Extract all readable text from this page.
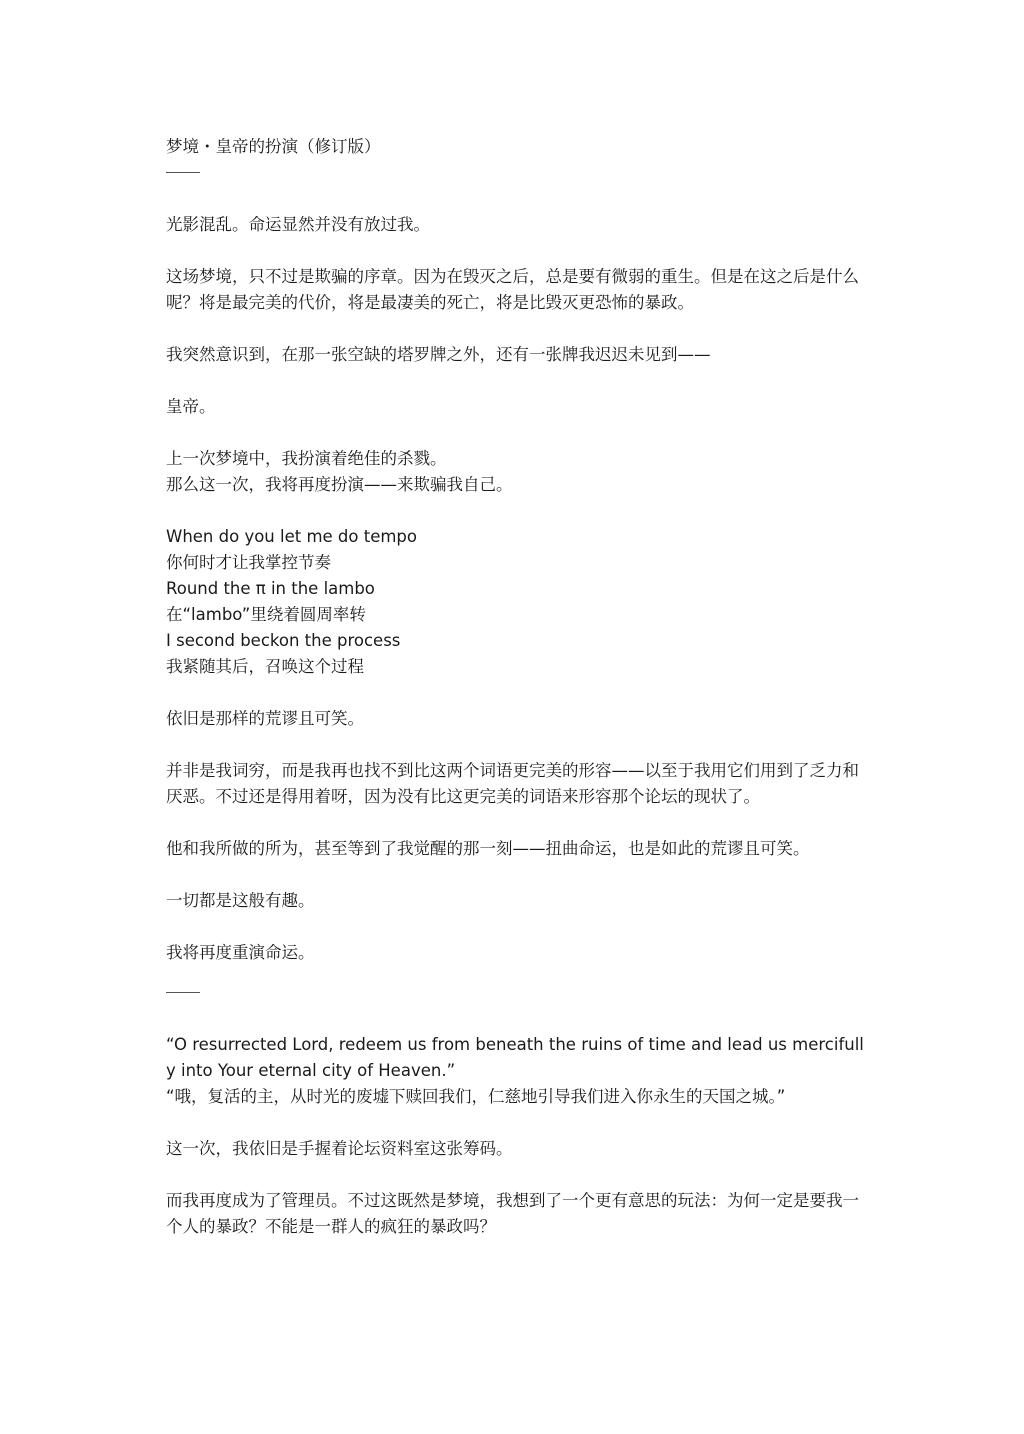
梦境・皇帝的扮演（修订版）
光影混乱。命运显然并没有放过我。
这场梦境，只不过是欺骗的序章。因为在毁灭之后，总是要有微弱的重生。但是在这之后是什么呢？将是最完美的代价，将是最凄美的死亡，将是比毁灭更恐怖的暴政。
我突然意识到，在那一张空缺的塔罗牌之外，还有一张牌我迟迟未见到——
皇帝。
上一次梦境中，我扮演着绝佳的杀戮。
那么这一次，我将再度扮演——来欺骗我自己。
When do you let me do tempo
你何时才让我掌控节奏
Round the π in the lambo
在“lambo”里绕着圆周率转
I second beckon the process
我紧随其后，召唤这个过程
依旧是那样的荒谬且可笑。
并非是我词穷，而是我再也找不到比这两个词语更完美的形容——以至于我用它们用到了乏力和厌恶。不过还是得用着呀，因为没有比这更完美的词语来形容那个论坛的现状了。
他和我所做的所为，甚至等到了我觉醒的那一刻——扭曲命运，也是如此的荒谬且可笑。
一切都是这般有趣。
我将再度重演命运。
“O resurrected Lord, redeem us from beneath the ruins of time and lead us mercifully into Your eternal city of Heaven.”
“哦，复活的主，从时光的废墟下赎回我们，仁慈地引导我们进入你永生的天国之城。”
这一次，我依旧是手握着论坛资料室这张筹码。
而我再度成为了管理员。不过这既然是梦境，我想到了一个更有意思的玩法：为何一定是要我一个人的暴政？不能是一群人的疯狂的暴政吗？
